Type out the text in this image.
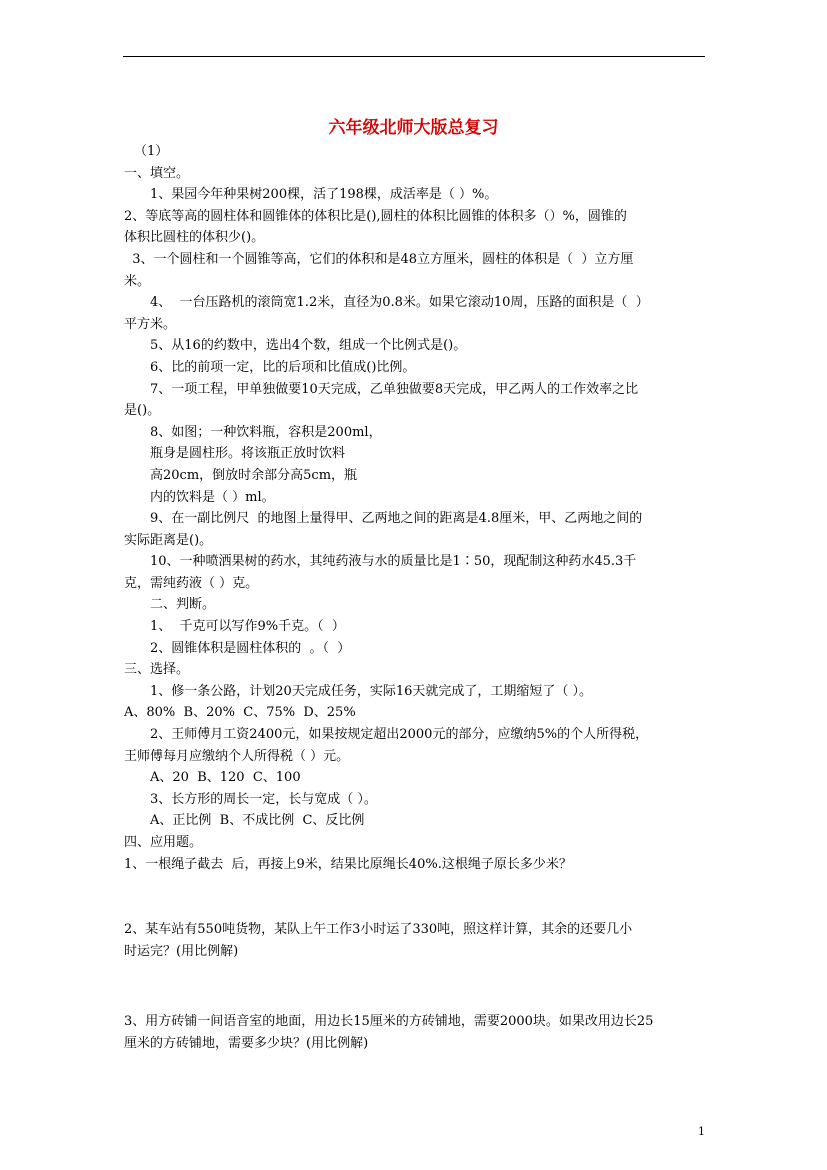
六年级北师大版总复习

（1）

一、填空。

1、果园今年种果树200棵，活了198棵，成活率是（ ）%。

2、等底等高的圆柱体和圆锥体的体积比是(),圆柱的体积比圆锥的体积多（）%，圆锥的

体积比圆柱的体积少()。

3、一个圆柱和一个圆锥等高，它们的体积和是48立方厘米，圆柱的体积是（  ）立方厘

米。

4、  一台压路机的滚筒宽1.2米，直径为0.8米。如果它滚动10周，压路的面积是（  ）

平方米。

5、从16的约数中，选出4个数，组成一个比例式是()。

6、比的前项一定，比的后项和比值成()比例。

7、一项工程，甲单独做要10天完成，乙单独做要8天完成，甲乙两人的工作效率之比

是()。

8、如图；一种饮料瓶，容积是200ml，

瓶身是圆柱形。将该瓶正放时饮料

高20cm，倒放时余部分高5cm，瓶

内的饮料是（ ）ml。

9、在一副比例尺  的地图上量得甲、乙两地之间的距离是4.8厘米，甲、乙两地之间的

实际距离是()。

10、一种喷洒果树的药水，其纯药液与水的质量比是1∶50，现配制这种药水45.3千

克，需纯药液（ ）克。

二、判断。

1、  千克可以写作9%千克。（  ）

2、圆锥体积是圆柱体积的  。（  ）

三、选择。

1、修一条公路，计划20天完成任务，实际16天就完成了，工期缩短了（ ）。

A、80%  B、20%  C、75%  D、25%

2、王师傅月工资2400元，如果按规定超出2000元的部分，应缴纳5%的个人所得税，

王师傅每月应缴纳个人所得税（ ）元。

A、20  B、120  C、100

3、长方形的周长一定，长与宽成（ ）。

A、正比例  B、不成比例  C、反比例

四、应用题。

1、一根绳子截去  后，再接上9米，结果比原绳长40%.这根绳子原长多少米？

2、某车站有550吨货物，某队上午工作3小时运了330吨，照这样计算，其余的还要几小

时运完？(用比例解)

3、用方砖铺一间语音室的地面，用边长15厘米的方砖铺地，需要2000块。如果改用边长25

厘米的方砖铺地，需要多少块？(用比例解)

1
